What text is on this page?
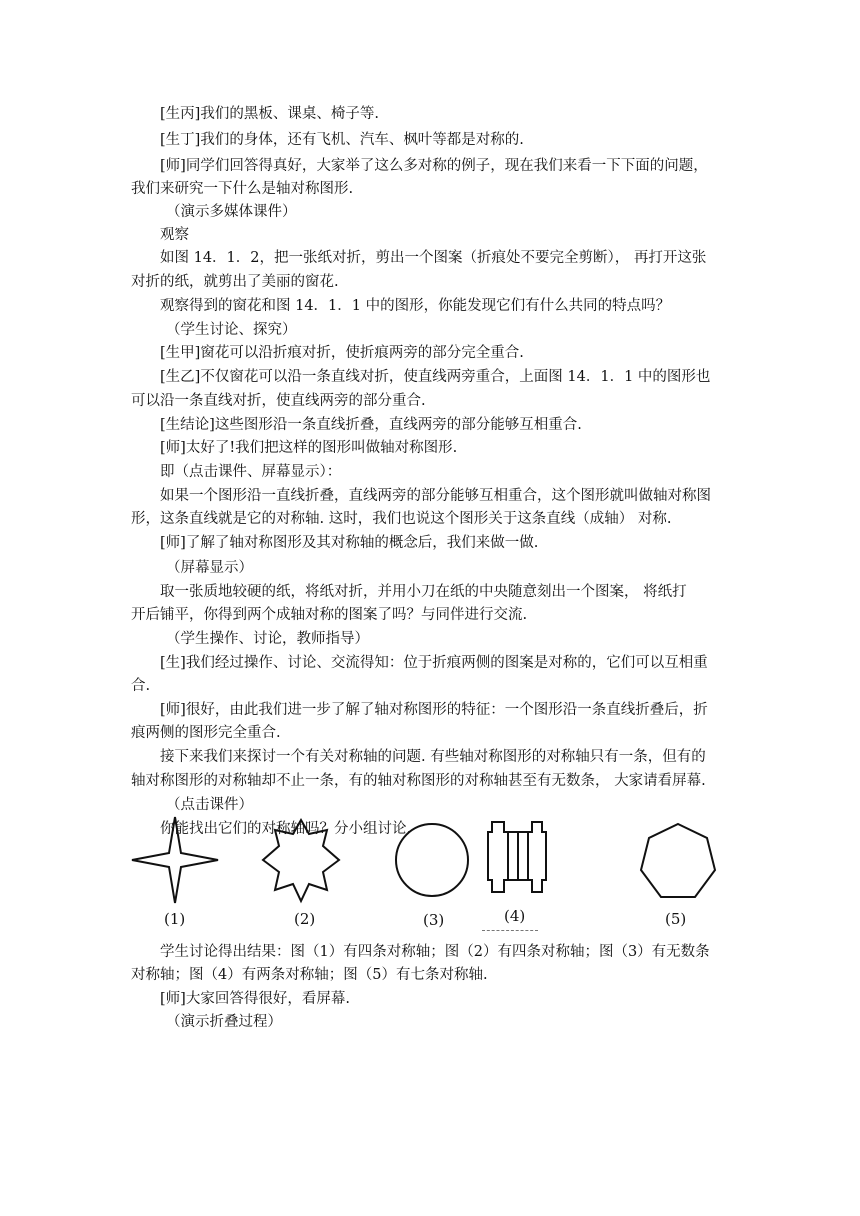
[生丙]我们的黑板、课桌、椅子等.
[生丁]我们的身体，还有飞机、汽车、枫叶等都是对称的.
[师]同学们回答得真好，大家举了这么多对称的例子，现在我们来看一下下面的问题，
我们来研究一下什么是轴对称图形.
（演示多媒体课件）
观察
如图 14．1．2，把一张纸对折，剪出一个图案（折痕处不要完全剪断）， 再打开这张
对折的纸，就剪出了美丽的窗花.
观察得到的窗花和图 14．1．1 中的图形，你能发现它们有什么共同的特点吗？
（学生讨论、探究）
[生甲]窗花可以沿折痕对折，使折痕两旁的部分完全重合.
[生乙]不仅窗花可以沿一条直线对折，使直线两旁重合，上面图 14．1．1 中的图形也
可以沿一条直线对折，使直线两旁的部分重合.
[生结论]这些图形沿一条直线折叠，直线两旁的部分能够互相重合.
[师]太好了!我们把这样的图形叫做轴对称图形.
即（点击课件、屏幕显示）：
如果一个图形沿一直线折叠，直线两旁的部分能够互相重合，这个图形就叫做轴对称图
形，这条直线就是它的对称轴. 这时，我们也说这个图形关于这条直线（成轴） 对称.
[师]了解了轴对称图形及其对称轴的概念后，我们来做一做.
（屏幕显示）
取一张质地较硬的纸，将纸对折，并用小刀在纸的中央随意刻出一个图案， 将纸打
开后铺平，你得到两个成轴对称的图案了吗？与同伴进行交流.
（学生操作、讨论，教师指导）
[生]我们经过操作、讨论、交流得知：位于折痕两侧的图案是对称的，它们可以互相重
合.
[师]很好，由此我们进一步了解了轴对称图形的特征：一个图形沿一条直线折叠后，折
痕两侧的图形完全重合.
接下来我们来探讨一个有关对称轴的问题. 有些轴对称图形的对称轴只有一条，但有的
轴对称图形的对称轴却不止一条，有的轴对称图形的对称轴甚至有无数条， 大家请看屏幕.
（点击课件）
你能找出它们的对称轴吗？分小组讨论.
(1)	(2)	(3)	(4)	(5)
学生讨论得出结果：图（1）有四条对称轴；图（2）有四条对称轴；图（3）有无数条
对称轴；图（4）有两条对称轴；图（5）有七条对称轴.
[师]大家回答得很好，看屏幕.
（演示折叠过程）
